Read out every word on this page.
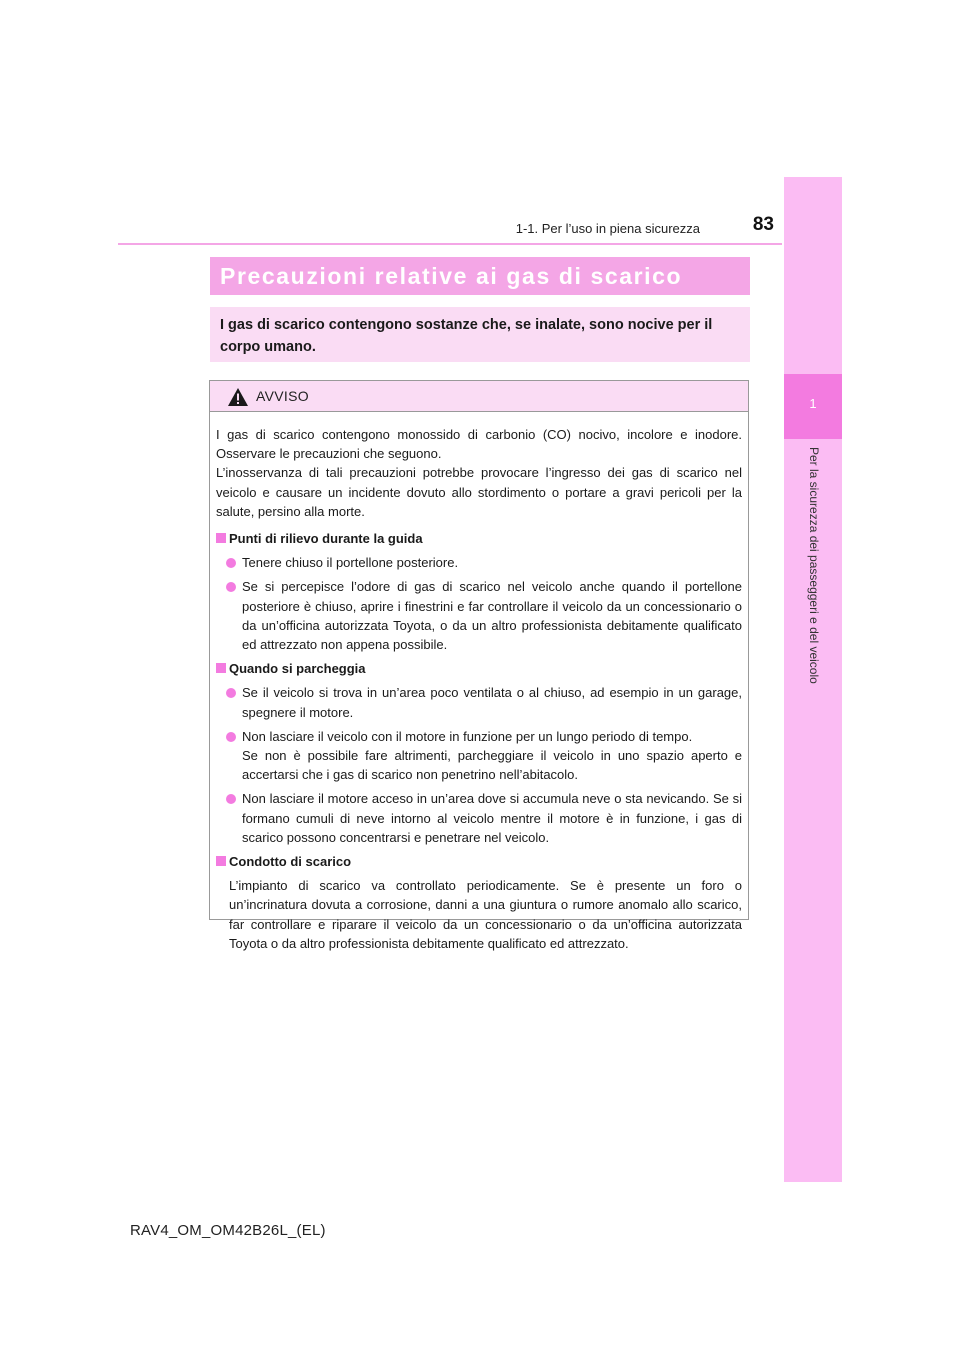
1-1. Per l’uso in piena sicurezza	83
1
Per la sicurezza dei passeggeri e del veicolo
Precauzioni relative ai gas di scarico
I gas di scarico contengono sostanze che, se inalate, sono nocive per il corpo umano.
AVVISO

I gas di scarico contengono monossido di carbonio (CO) nocivo, incolore e inodore. Osservare le precauzioni che seguono.

L’inosservanza di tali precauzioni potrebbe provocare l’ingresso dei gas di scarico nel veicolo e causare un incidente dovuto allo stordimento o portare a gravi pericoli per la salute, persino alla morte.

Punti di rilievo durante la guida

Tenere chiuso il portellone posteriore.

Se si percepisce l’odore di gas di scarico nel veicolo anche quando il portellone posteriore è chiuso, aprire i finestrini e far controllare il veicolo da un concessionario o da un’officina autorizzata Toyota, o da un altro professionista debitamente qualificato ed attrezzato non appena possibile.

Quando si parcheggia

Se il veicolo si trova in un’area poco ventilata o al chiuso, ad esempio in un garage, spegnere il motore.

Non lasciare il veicolo con il motore in funzione per un lungo periodo di tempo.

Se non è possibile fare altrimenti, parcheggiare il veicolo in uno spazio aperto e accertarsi che i gas di scarico non penetrino nell’abitacolo.

Non lasciare il motore acceso in un’area dove si accumula neve o sta nevicando. Se si formano cumuli di neve intorno al veicolo mentre il motore è in funzione, i gas di scarico possono concentrarsi e penetrare nel veicolo.

Condotto di scarico

L’impianto di scarico va controllato periodicamente. Se è presente un foro o un’incrinatura dovuta a corrosione, danni a una giuntura o rumore anomalo allo scarico, far controllare e riparare il veicolo da un concessionario o da un’officina autorizzata Toyota o da altro professionista debitamente qualificato ed attrezzato.

RAV4_OM_OM42B26L_(EL)
